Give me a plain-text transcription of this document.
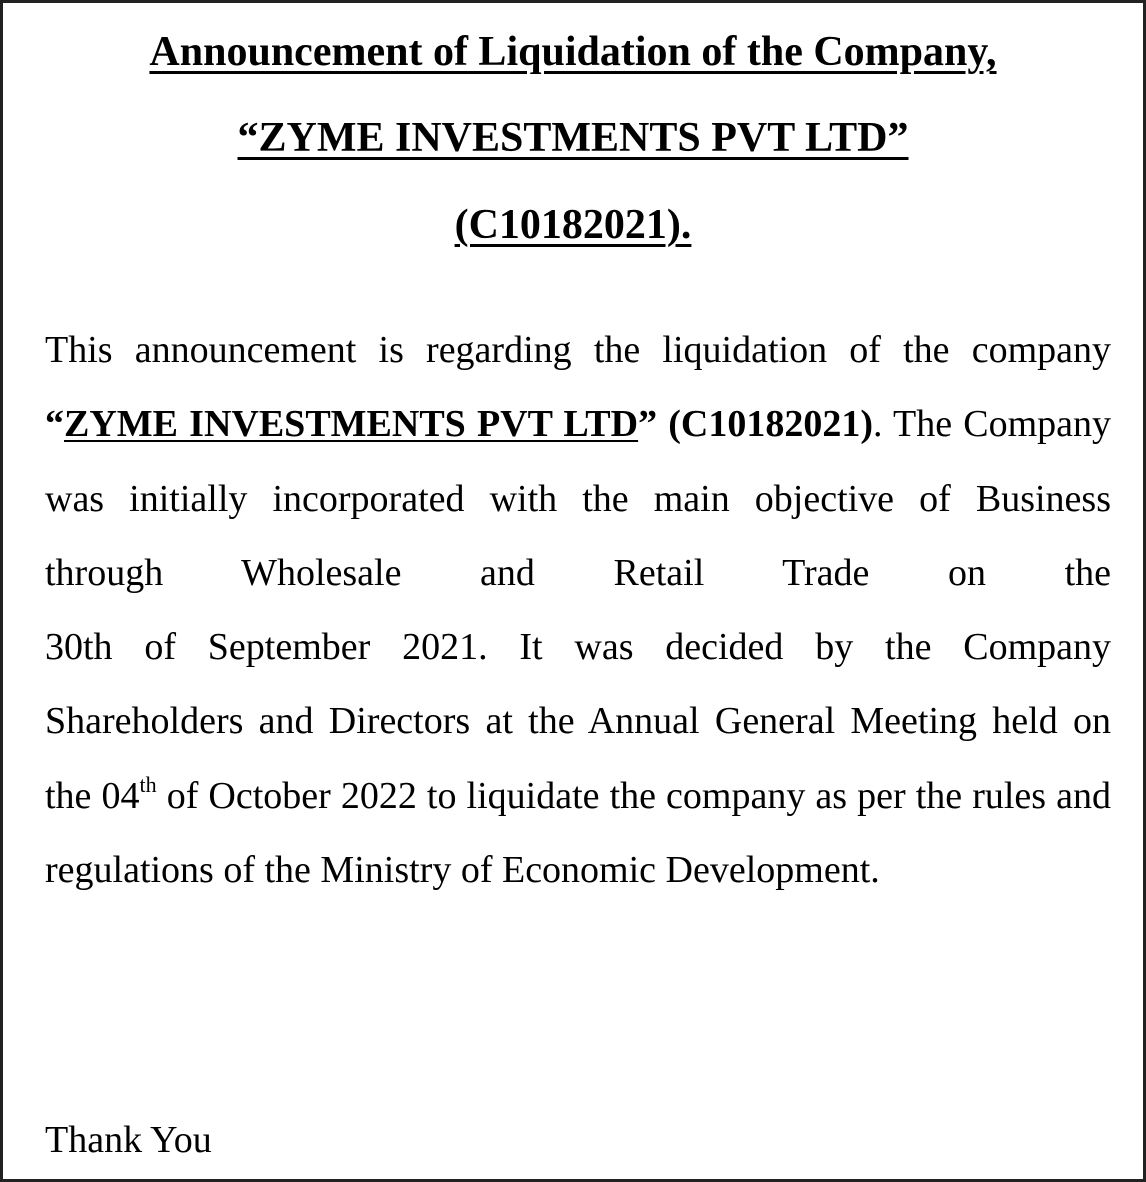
Announcement of Liquidation of the Company,
“ZYME INVESTMENTS PVT LTD”
(C10182021).

This announcement is regarding the liquidation of the company “ZYME INVESTMENTS PVT LTD” (C10182021). The Company was initially incorporated with the main objective of Business through Wholesale and Retail Trade on the
30th of September 2021. It was decided by the Company Shareholders and Directors at the Annual General Meeting held on the 04th of October 2022 to liquidate the company as per the rules and regulations of the Ministry of Economic Development.

Thank You
